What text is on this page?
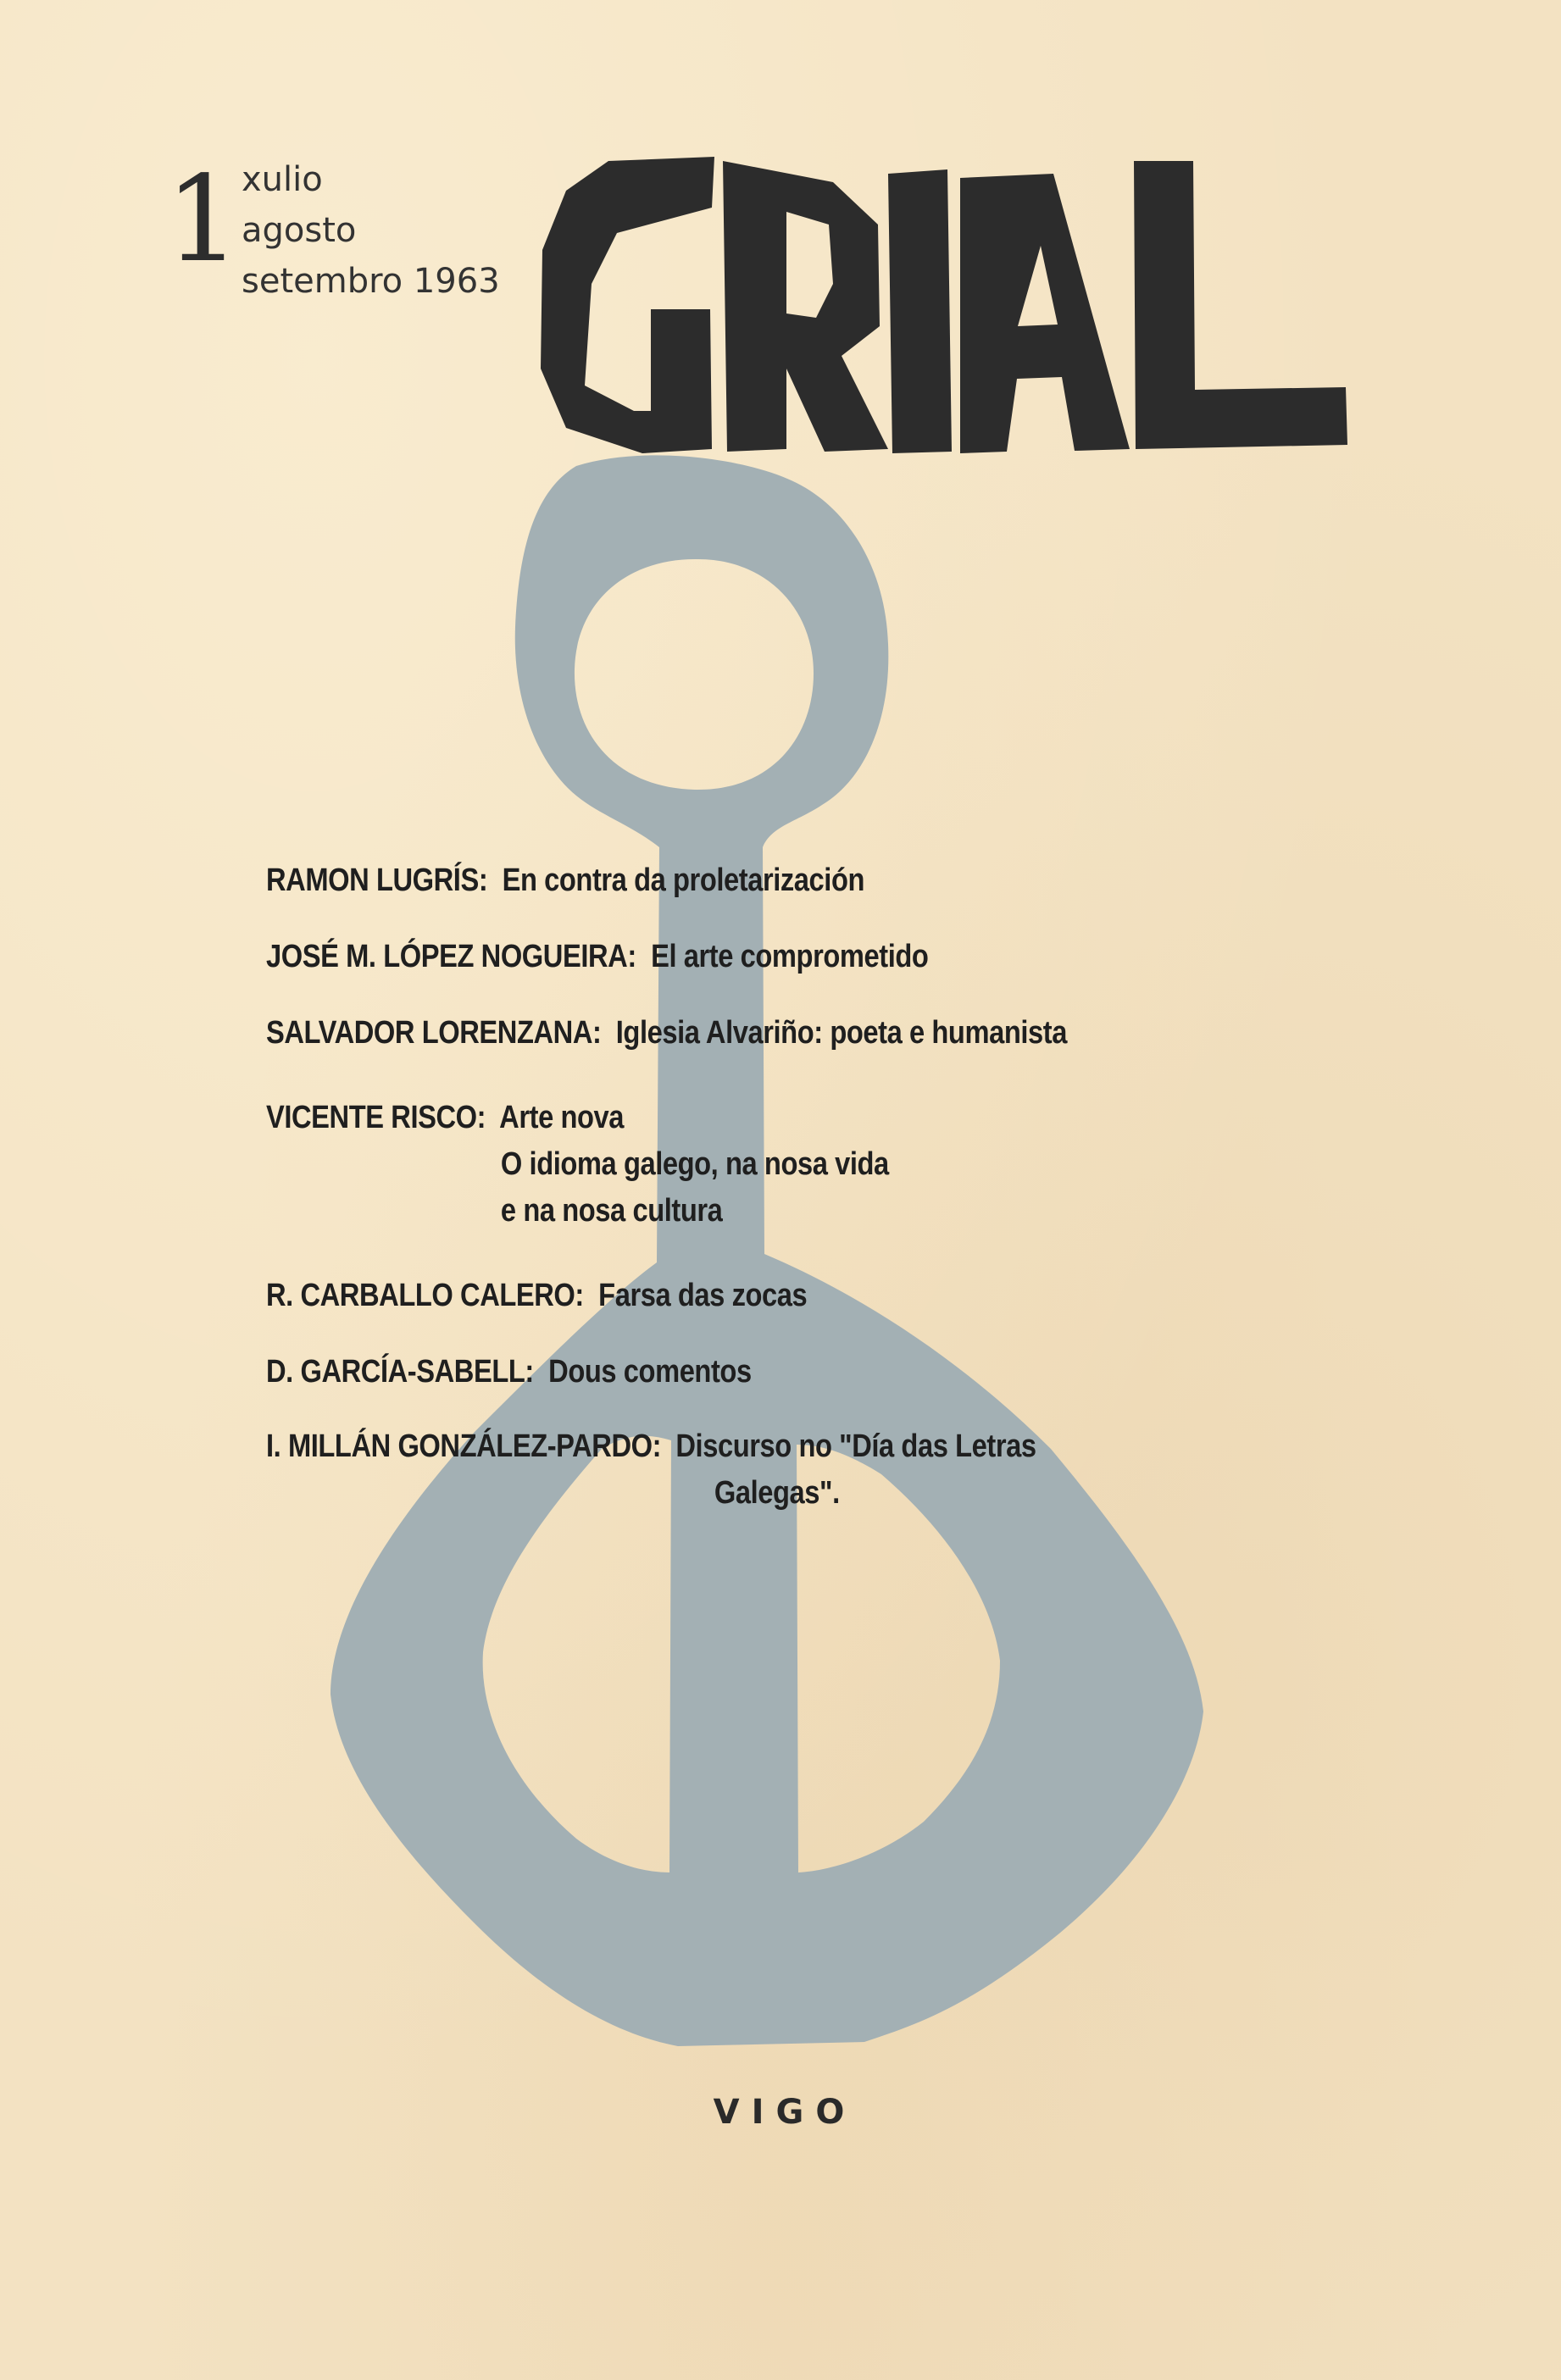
1 xulio
agosto
setembro 1963
RAMON LUGRÍS: En contra da proletarización
JOSÉ M. LÓPEZ NOGUEIRA: El arte comprometido
SALVADOR LORENZANA: Iglesia Alvariño: poeta e humanista
VICENTE RISCO: Arte nova
O idioma galego, na nosa vida
e na nosa cultura
R. CARBALLO CALERO: Farsa das zocas
D. GARCÍA-SABELL: Dous comentos
I. MILLÁN GONZÁLEZ-PARDO: Discurso no "Día das Letras
Galegas".
VIGO
